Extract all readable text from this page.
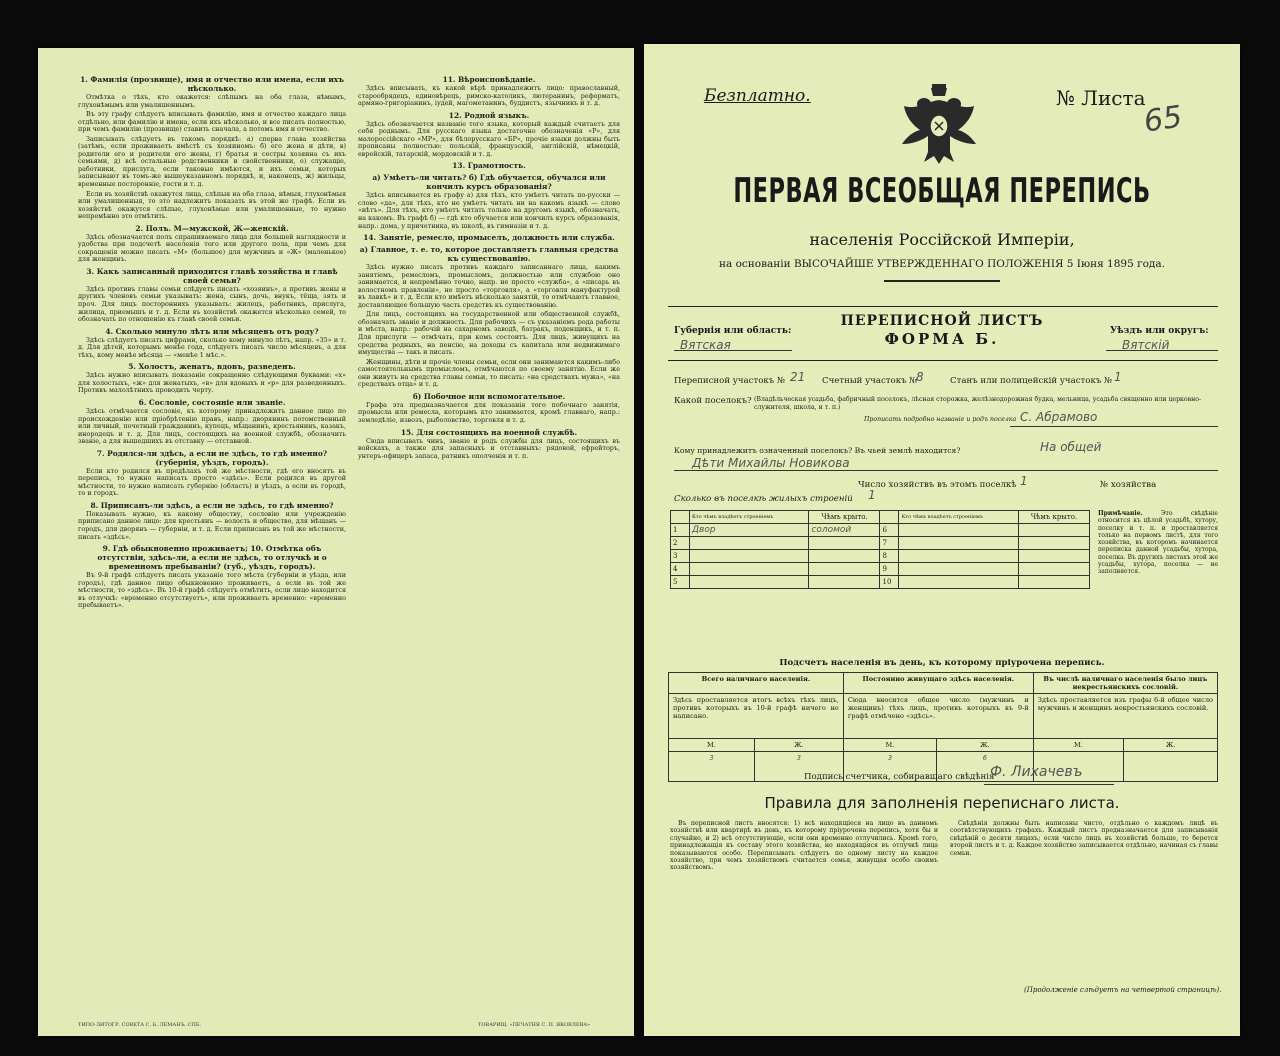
1. Фамилія (прозвище), имя и отчество или имена, если ихъ нѣсколько.

Отмѣтка о тѣхъ, кто окажется: слѣпымъ на оба глаза, нѣмымъ, глухонѣмымъ или умалишеннымъ.

Въ эту графу слѣдуетъ вписывать фамилію, имя и отчество каждаго лица отдѣльно, или фамилію и имена, если ихъ нѣсколько, и все писать полностью, при чемъ фамилію (прозвище) ставить сначала, а потомъ имя и отчество.

Записывать слѣдуетъ въ такомъ порядкѣ: а) сперва глава хозяйства (затѣмъ, если проживаетъ вмѣстѣ съ хозяиномъ: б) его жена и дѣти, в) родители его и родители его жены, г) братья и сестры хозяина съ ихъ семьями, д) всѣ остальные родственники и свойственники, е) служащіе, работники, прислуга, если таковые имѣются, и ихъ семьи, которых записывают въ томъ-же вышеуказанномъ порядкѣ, и, наконецъ, ж) жильцы, временные посторонніе, гости и т. д.

Если въ хозяйствѣ окажутся лица, слѣпыя на оба глаза, нѣмыя, глухонѣмыя или умалишенныя, то это надлежитъ показать въ этой же графѣ. Если въ хозяйствѣ окажутся слѣпые, глухонѣмые или умалишенные, то нужно непремѣнно это отмѣтить.

2. Полъ. М—мужской, Ж—женскій.

Здѣсь обозначается полъ спрашиваемаго лица для большей наглядности и удобства при подсчетѣ населенія того или другого пола, при чемъ для сокращенія можно писать «М» (большое) для мужчинъ и «Ж» (маленькое) для женщинъ.

3. Какъ записанный приходится главѣ хозяйства и главѣ своей семьи?

Здѣсь противъ главы семьи слѣдуетъ писать «хозяинъ», а противъ жены и другихъ членовъ семьи указывать: жена, сынъ, дочь, внукъ, тёща, зять и проч. Для лицъ постороннихъ указывать: жилецъ, работникъ, прислуга, жилица, приемышъ и т. д. Если въ хозяйствѣ окажется нѣсколько семей, то обозначать по отношенію къ главѣ своей семьи.

4. Сколько минуло лѣтъ или мѣсяцевъ отъ роду?

Здѣсь слѣдуетъ писать цифрами, сколько кому минуло лѣтъ, напр. «35» и т. д. Для дѣтей, которымъ менѣе года, слѣдуетъ писать число мѣсяцевъ, а для тѣхъ, кому менѣе мѣсяца — «менѣе 1 мѣс.».

5. Холостъ, женатъ, вдовъ, разведенъ.

Здѣсь нужно вписывать показаніе сокращенно слѣдующими буквами: «х» для холостыхъ, «ж» для женатыхъ, «в» для вдовыхъ и «р» для разведенныхъ. Противъ малолѣтнихъ проводить черту.

6. Сословіе, состояніе или званіе.

Здѣсь отмѣчается сословіе, къ которому принадлежитъ данное лицо по происхожденію или пріобрѣтенію правъ, напр.: дворянинъ потомственный или личный, почетный гражданинъ, купецъ, мѣщанинъ, крестьянинъ, казакъ, инородецъ и т. д. Для лицъ, состоящихъ на военной службѣ, обозначить званіе, а для вышедшихъ въ отставку — отставной.

7. Родился-ли здѣсь, а если не здѣсь, то гдѣ именно? (губернія, уѣздъ, городъ).

Если кто родился въ предѣлахъ той же мѣстности, гдѣ его вносятъ въ перепись, то нужно написать просто «здѣсь». Если родился въ другой мѣстности, то нужно написать губернію (область) и уѣздъ, а если въ городѣ, то и городъ.

8. Приписанъ-ли здѣсь, а если не здѣсь, то гдѣ именно?

Показывать нужно, къ какому обществу, сословію или учрежденію приписано данное лицо: для крестьянъ — волость и общество, для мѣщанъ — городъ, для дворянъ — губерніи, и т. д. Если приписанъ въ той же мѣстности, писать «здѣсь».

9. Гдѣ обыкновенно проживаетъ; 10. Отмѣтка объ отсутствіи, здѣсь-ли, а если не здѣсь, то отлучкѣ и о временномъ пребываніи? (губ., уѣздъ, городъ).

Въ 9-й графѣ слѣдуетъ писать указаніе того мѣста (губерніи и уѣзда, или городъ), гдѣ данное лицо обыкновенно проживаетъ, а если въ той же мѣстности, то «здѣсь». Въ 10-й графѣ слѣдуетъ отмѣтить, если лицо находится въ отлучкѣ: «временно отсутствуетъ», или проживаетъ временно: «временно пребываетъ».

11. Вѣроисповѣданіе.

Здѣсь вписывать, къ какой вѣрѣ принадлежитъ лицо: православный, старообрядецъ, единовѣрецъ, римско-католикъ, лютеранинъ, реформатъ, армяно-григоріанинъ, іудей, магометанинъ, буддистъ, язычникъ и т. д.

12. Родной языкъ.

Здѣсь обозначается названіе того языка, который каждый считаетъ для себя роднымъ. Для русскаго языка достаточно обозначенія «Р», для малороссійскаго «МР», для бѣлорусскаго «БР», прочіе языки должны быть прописаны полностью: польскій, французскій, англійскій, нѣмецкій, еврейскій, татарскій, мордовскій и т. д.

13. Грамотность.
а) Умѣетъ-ли читать? б) Гдѣ обучается, обучался или кончилъ курсъ образованія?

Здѣсь вписывается въ графу а) для тѣхъ, кто умѣетъ читать по-русски — слово «да», для тѣхъ, кто не умѣетъ читать ни на какомъ языкѣ — слово «нѣтъ». Для тѣхъ, кто умѣетъ читать только на другомъ языкѣ, обозначать, на какомъ. Въ графѣ б) — гдѣ кто обучается или кончилъ курсъ образованія, напр.: дома, у причетника, въ школѣ, въ гимназіи и т. д.

14. Занятіе, ремесло, промыселъ, должность или служба.
а) Главное, т. е. то, которое доставляетъ главныя средства къ существованію.

Здѣсь нужно писать противъ каждаго записаннаго лица, какимъ занятіемъ, ремесломъ, промысломъ, должностью или службою оно занимается, и непремѣнно точно, напр. не просто «служба», а «писарь въ волостномъ правленіи», не просто «торговля», а «торговля мануфактурой въ лавкѣ» и т. д. Если кто имѣетъ нѣсколько занятій, то отмѣчаютъ главное, доставляющее большую часть средствъ къ существованію.

Для лицъ, состоящихъ на государственной или общественной службѣ, обозначать званіе и должность. Для рабочихъ — съ указаніемъ рода работы и мѣста, напр.: рабочій на сахарномъ заводѣ, батракъ, поденщикъ, и т. п. Для прислуги — отмѣчать, при комъ состоитъ. Для лицъ, живущихъ на средства родныхъ, на пенсію, на доходы съ капитала или недвижимаго имущества — такъ и писать.

Женщины, дѣти и прочіе члены семьи, если они занимаются какимъ-либо самостоятельнымъ промысломъ, отмѣчаются по своему занятію. Если же они живутъ на средства главы семьи, то писать: «на средствахъ мужа», «на средствахъ отца» и т. д.

б) Побочное или вспомогательное.

Графа эта предназначается для показанія того побочнаго занятія, промысла или ремесла, которымъ кто занимается, кромѣ главнаго, напр.: земледѣліе, извозъ, рыболовство, торговля и т. д.

15. Для состоящихъ на военной службѣ.

Сюда вписывать чинъ, званіе и родъ службы для лицъ, состоящихъ въ войскахъ, а также для запасныхъ и отставныхъ: рядовой, ефрейторъ, унтеръ-офицеръ запаса, ратникъ ополченія и т. п.

ТИПО-ЛИТОГР. СОВЕТА С. Б. ЛЕМАНЪ. СПБ.	ТОВАРИЩ. «ПЕЧАТНЯ С. П. ЯКОВЛЕВА»
Безплатно.	№ Листа
65
ПЕРВАЯ ВСЕОБЩАЯ ПЕРЕПИСЬ
населенія Россійской Имперіи,
на основаніи ВЫСОЧАЙШЕ УТВЕРЖДЕННАГО ПОЛОЖЕНІЯ 5 Іюня 1895 года.
ПЕРЕПИСНОЙ ЛИСТЪ
ФОРМА Б.
Губернія или область:
Вятская
Уѣздъ или округъ:
Вятскій
Переписной участокъ № 21 Счетный участокъ №
8	Станъ или полицейскій участокъ № 1
Какой поселокъ? (Владѣльческая усадьба, фабричный поселокъ, лѣсная сторожка, желѣзнодорожная будка, мельница, усадьба священно или церковно-служителя, школа, и т. п.)
Прописать подробно названіе и родъ поселка С. Абрамово
Кому принадлежитъ означенный поселокъ? Въ чьей землѣ находится?	На общей
Дѣти Михайлы Новикова
Число хозяйствъ въ этомъ поселкѣ 1	№ хозяйства
Сколько въ поселкѣ жилыхъ строеній 1
	Кто чѣмъ владѣетъ строеніемъ	Чѣмъ крыто.		Кто чѣмъ владѣетъ строеніемъ	Чѣмъ крыто.
1	Двор	соломой	6		
2			7		
3			8		
4			9		
5			10		
Примѣчаніе.	Это свѣдѣніе относится къ цѣлой усадьбѣ, хутору, поселку и т. п. и проставляется только на первомъ листѣ, для того хозяйства, въ которомъ начинается переписка данной усадьбы, хутора, поселка. Въ другихъ листахъ этой же усадьбы, хутора, поселка — не заполняется.
Подсчетъ населенія въ день, къ которому пріурочена перепись.
Всего наличнаго населенія.		Постоянно живущаго здѣсь населенія.		Въ числѣ наличнаго населенія было лицъ некрестьянскихъ сословій.	
Здѣсь проставляется итогъ всѣхъ тѣхъ лицъ, противъ которыхъ въ 10-й графѣ ничего не написано.		Сюда вносится общее число (мужчинъ и женщинъ) тѣхъ лицъ, противъ которыхъ въ 9-й графѣ отмѣчено «здѣсь».		Здѣсь проставляется изъ графы 6-й общее число мужчинъ и женщинъ некрестьянскихъ сословій.	
М.	Ж.	М.	Ж.	М.	Ж.
3	3	3	6		
Подпись счетчика, собиравшаго свѣдѣнія
Ф. Лихачевъ
Правила для заполненія переписнаго листа.

Въ переписной листъ вносятся: 1) всѣ находящіеся на лицо въ данномъ хозяйствѣ или квартирѣ въ день, къ которому пріурочена перепись, хотя бы и случайно, и 2) всѣ отсутствующіе, если они временно отлучились. Кромѣ того, принадлежащія къ составу этого хозяйства, но находящіяся въ отлучкѣ лица показываются особо. Переписывать слѣдуетъ по одному листу на каждое хозяйство, при чемъ хозяйствомъ считается семья, живущая особо своимъ хозяйствомъ.

Свѣдѣнія должны быть написаны чисто, отдѣльно о каждомъ лицѣ въ соотвѣтствующихъ графахъ. Каждый листъ предназначается для записыванія свѣдѣній о десяти лицахъ; если число лицъ въ хозяйствѣ больше, то берется второй листъ и т. д. Каждое хозяйство записывается отдѣльно, начиная съ главы семьи.

(Продолженіе слѣдуетъ на четвертой страницѣ).
